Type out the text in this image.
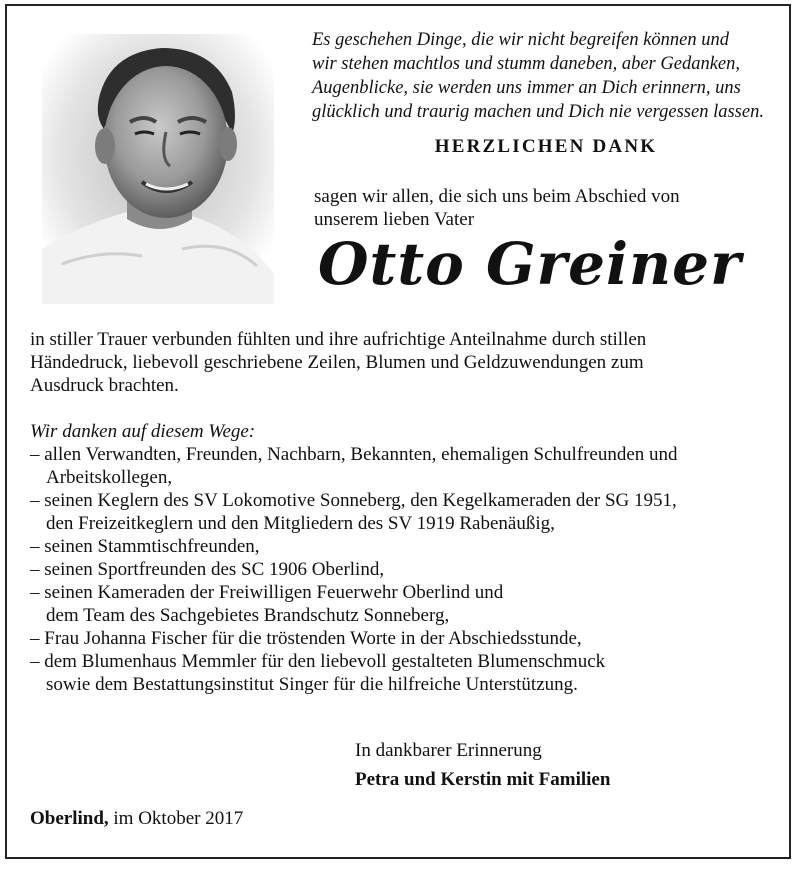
Es geschehen Dinge, die wir nicht begreifen können und
wir stehen machtlos und stumm daneben, aber Gedanken,
Augenblicke, sie werden uns immer an Dich erinnern, uns
glücklich und traurig machen und Dich nie vergessen lassen.
HERZLICHEN DANK
sagen wir allen, die sich uns beim Abschied von
unserem lieben Vater
Otto Greiner
in stiller Trauer verbunden fühlten und ihre aufrichtige Anteilnahme durch stillen
Händedruck, liebevoll geschriebene Zeilen, Blumen und Geldzuwendungen zum
Ausdruck brachten.
Wir danken auf diesem Wege:
– allen Verwandten, Freunden, Nachbarn, Bekannten, ehemaligen Schulfreunden und
Arbeitskollegen,
– seinen Keglern des SV Lokomotive Sonneberg, den Kegelkameraden der SG 1951,
den Freizeitkeglern und den Mitgliedern des SV 1919 Rabenäußig,
– seinen Stammtischfreunden,
– seinen Sportfreunden des SC 1906 Oberlind,
– seinen Kameraden der Freiwilligen Feuerwehr Oberlind und
dem Team des Sachgebietes Brandschutz Sonneberg,
– Frau Johanna Fischer für die tröstenden Worte in der Abschiedsstunde,
– dem Blumenhaus Memmler für den liebevoll gestalteten Blumenschmuck
sowie dem Bestattungsinstitut Singer für die hilfreiche Unterstützung.
In dankbarer Erinnerung
Petra und Kerstin mit Familien
Oberlind, im Oktober 2017
